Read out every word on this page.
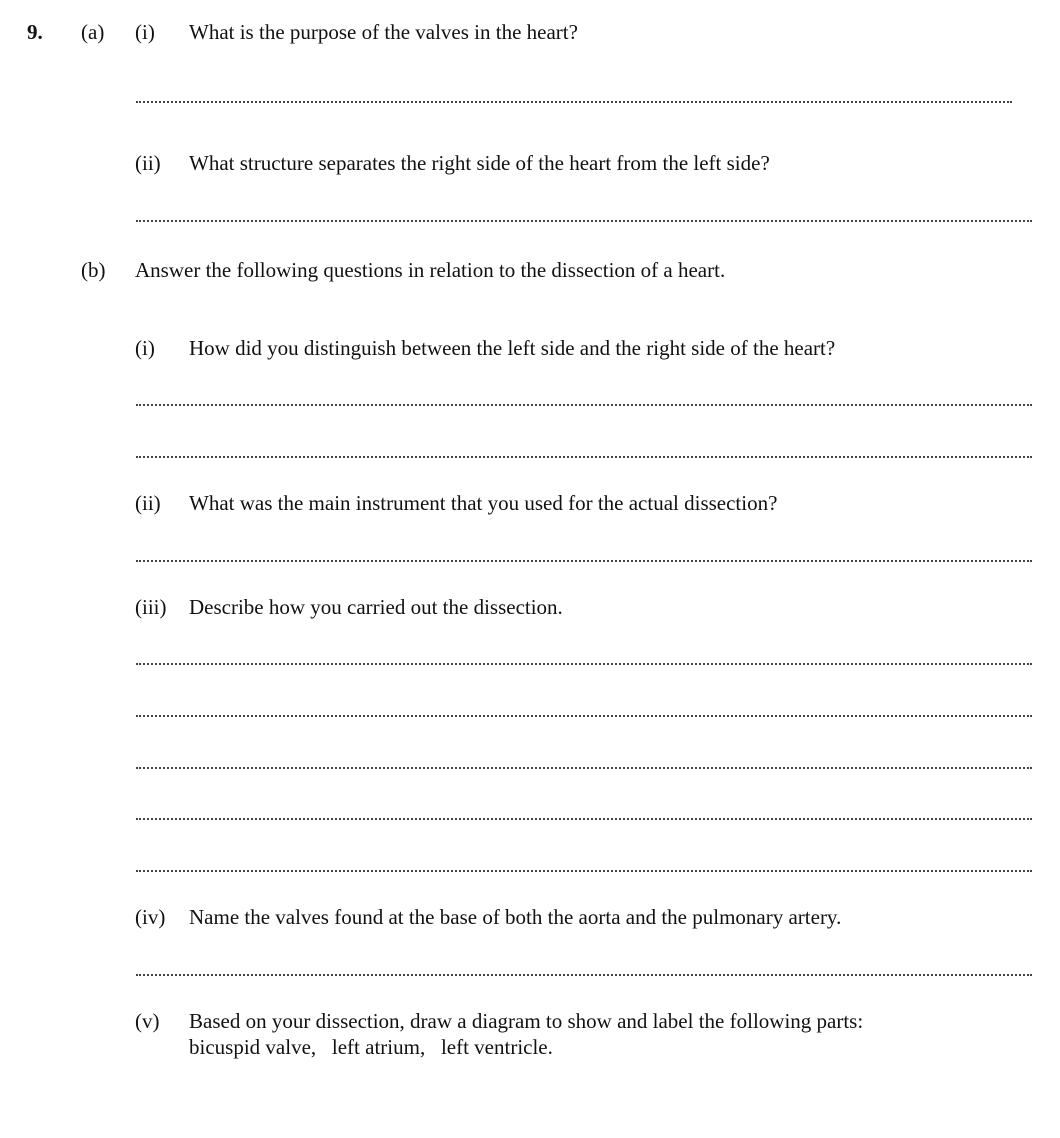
9. (a) (i) What is the purpose of the valves in the heart?
(ii) What structure separates the right side of the heart from the left side?
(b) Answer the following questions in relation to the dissection of a heart.
(i) How did you distinguish between the left side and the right side of the heart?
(ii) What was the main instrument that you used for the actual dissection?
(iii) Describe how you carried out the dissection.
(iv) Name the valves found at the base of both the aorta and the pulmonary artery.
(v) Based on your dissection, draw a diagram to show and label the following parts:
bicuspid valve,   left atrium,   left ventricle.
